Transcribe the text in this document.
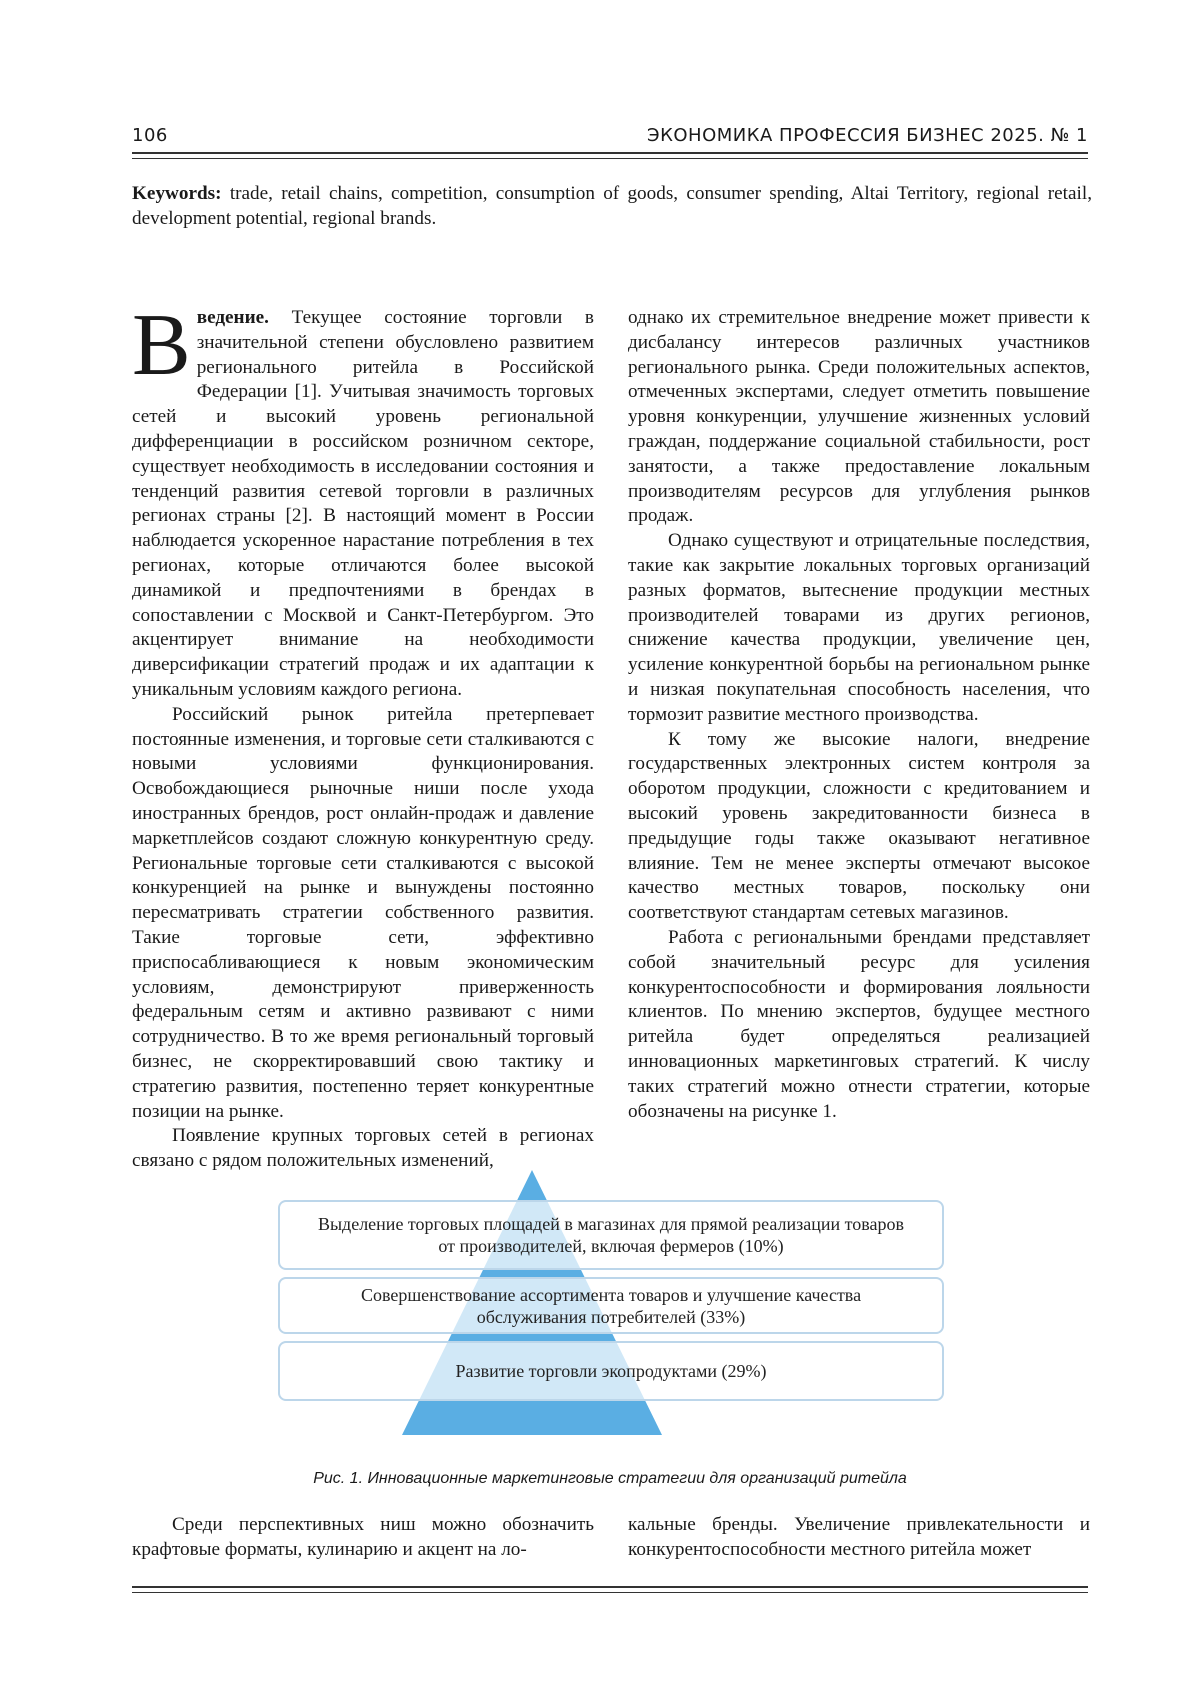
106	ЭКОНОМИКА ПРОФЕССИЯ БИЗНЕС 2025. № 1
Keywords: trade, retail chains, competition, consumption of goods, consumer spending, Altai Territory, regional retail, development potential, regional brands.

Введение. Текущее состояние торговли в значительной степени обусловлено развитием регионального ритейла в Российской Федерации [1]. Учитывая значимость торговых сетей и высокий уровень региональной дифференциации в российском розничном секторе, существует необходимость в исследовании состояния и тенденций развития сетевой торговли в различных регионах страны [2]. В настоящий момент в России наблюдается ускоренное нарастание потребления в тех регионах, которые отличаются более высокой динамикой и предпочтениями в брендах в сопоставлении с Москвой и Санкт-Петербургом. Это акцентирует внимание на необходимости диверсификации стратегий продаж и их адаптации к уникальным условиям каждого региона.

Российский рынок ритейла претерпевает постоянные изменения, и торговые сети сталкиваются с новыми условиями функционирования. Освобождающиеся рыночные ниши после ухода иностранных брендов, рост онлайн-продаж и давление маркетплейсов создают сложную конкурентную среду. Региональные торговые сети сталкиваются с высокой конкуренцией на рынке и вынуждены постоянно пересматривать стратегии собственного развития. Такие торговые сети, эффективно приспосабливающиеся к новым экономическим условиям, демонстрируют приверженность федеральным сетям и активно развивают с ними сотрудничество. В то же время региональный торговый бизнес, не скорректировавший свою тактику и стратегию развития, постепенно теряет конкурентные позиции на рынке.

Появление крупных торговых сетей в регионах связано с рядом положительных изменений,

однако их стремительное внедрение может привести к дисбалансу интересов различных участников регионального рынка. Среди положительных аспектов, отмеченных экспертами, следует отметить повышение уровня конкуренции, улучшение жизненных условий граждан, поддержание социальной стабильности, рост занятости, а также предоставление локальным производителям ресурсов для углубления рынков продаж.

Однако существуют и отрицательные последствия, такие как закрытие локальных торговых организаций разных форматов, вытеснение продукции местных производителей товарами из других регионов, снижение качества продукции, увеличение цен, усиление конкурентной борьбы на региональном рынке и низкая покупательная способность населения, что тормозит развитие местного производства.

К тому же высокие налоги, внедрение государственных электронных систем контроля за оборотом продукции, сложности с кредитованием и высокий уровень закредитованности бизнеса в предыдущие годы также оказывают негативное влияние. Тем не менее эксперты отмечают высокое качество местных товаров, поскольку они соответствуют стандартам сетевых магазинов.

Работа с региональными брендами представляет собой значительный ресурс для усиления конкурентоспособности и формирования лояльности клиентов. По мнению экспертов, будущее местного ритейла будет определяться реализацией инновационных маркетинговых стратегий. К числу таких стратегий можно отнести стратегии, которые обозначены на рисунке 1.

Выделение торговых площадей в магазинах для прямой реализации товаров от производителей, включая фермеров (10%)
Совершенствование ассортимента товаров и улучшение качества обслуживания потребителей (33%)
Развитие торговли экопродуктами (29%)
Рис. 1. Инновационные маркетинговые стратегии для организаций ритейла

Среди перспективных ниш можно обозначить крафтовые форматы, кулинарию и акцент на ло-

кальные бренды. Увеличение привлекательности и конкурентоспособности местного ритейла может
